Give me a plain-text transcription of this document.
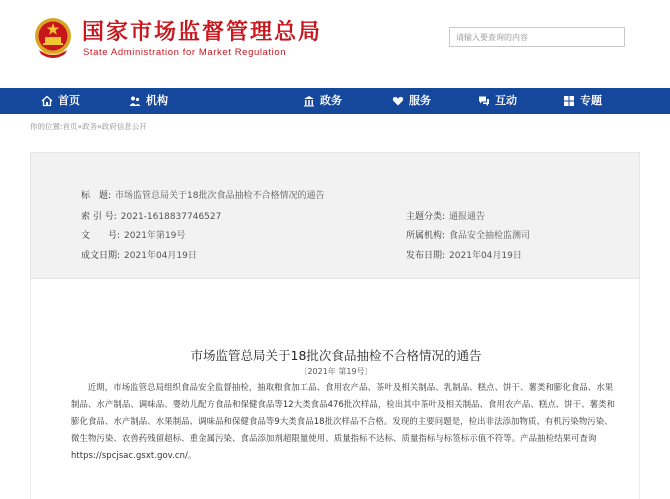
国家市场监督管理总局
State Administration for Market Regulation
请输入要查询的内容
首页	机构	政务	服务	互动	专题
你的位置:首页»政务»政府信息公开
标　题: 市场监管总局关于18批次食品抽检不合格情况的通告
索 引 号: 2021-1618837746527
文　　号: 2021年第19号
成文日期: 2021年04月19日
主题分类: 通报通告
所属机构: 食品安全抽检监测司
发布日期: 2021年04月19日
市场监管总局关于18批次食品抽检不合格情况的通告
〔2021年 第19号〕

近期，市场监管总局组织食品安全监督抽检，抽取粮食加工品、食用农产品、茶叶及相关制品、乳制品、糕点、饼干、薯类和膨化食品、水果制品、水产制品、调味品、婴幼儿配方食品和保健食品等12大类食品476批次样品，检出其中茶叶及相关制品、食用农产品、糕点、饼干、薯类和膨化食品、水产制品、水果制品、调味品和保健食品等9大类食品18批次样品不合格。发现的主要问题是，检出非法添加物质、有机污染物污染、微生物污染、农兽药残留超标、重金属污染、食品添加剂超限量使用、质量指标不达标、质量指标与标签标示值不符等。产品抽检结果可查询https://spcjsac.gsxt.gov.cn/。
